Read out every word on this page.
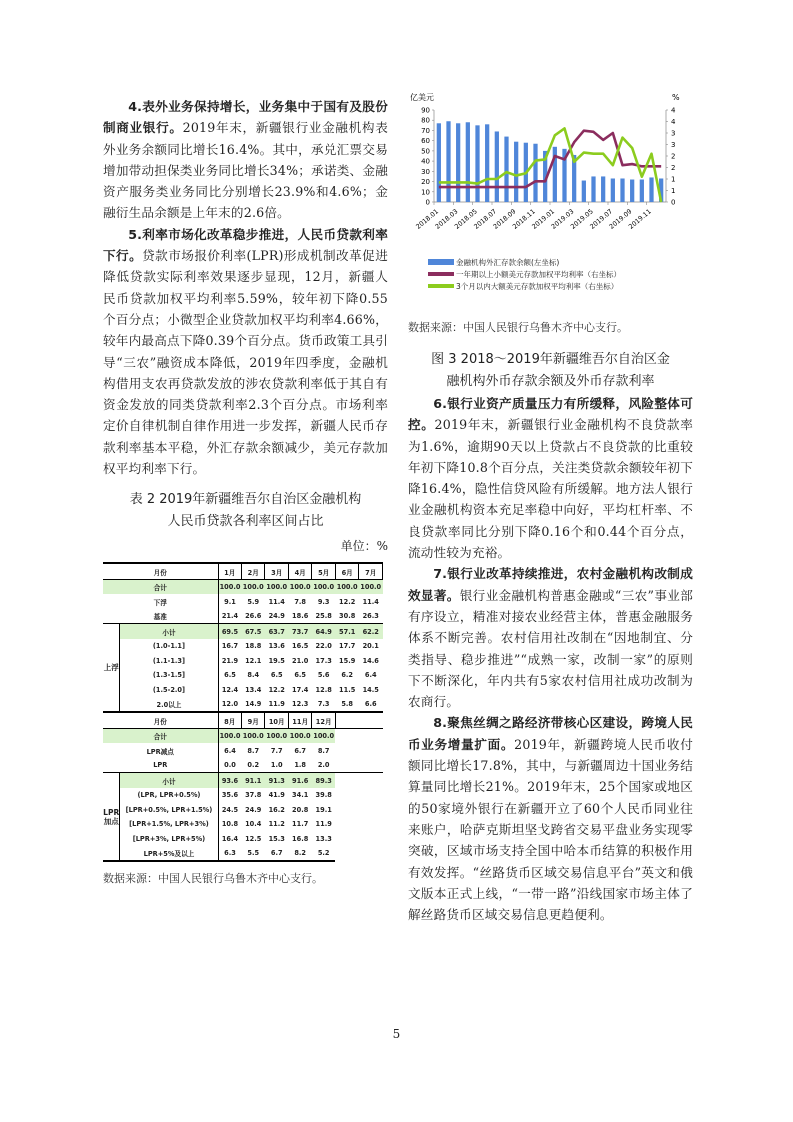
4.表外业务保持增长，业务集中于国有及股份制商业银行。2019年末，新疆银行业金融机构表外业务余额同比增长16.4%。其中，承兑汇票交易增加带动担保类业务同比增长34%；承诺类、金融资产服务类业务同比分别增长23.9%和4.6%；金融衍生品余额是上年末的2.6倍。

5.利率市场化改革稳步推进，人民币贷款利率下行。贷款市场报价利率(LPR)形成机制改革促进降低贷款实际利率效果逐步显现，12月，新疆人民币贷款加权平均利率5.59%，较年初下降0.55个百分点；小微型企业贷款加权平均利率4.66%，较年内最高点下降0.39个百分点。货币政策工具引导“三农”融资成本降低，2019年四季度，金融机构借用支农再贷款发放的涉农贷款利率低于其自有资金发放的同类贷款利率2.3个百分点。市场利率定价自律机制自律作用进一步发挥，新疆人民币存款利率基本平稳，外汇存款余额减少，美元存款加权平均利率下行。

表 2 2019年新疆维吾尔自治区金融机构

人民币贷款各利率区间占比

单位：%
月份		1月	2月	3月	4月	5月	6月	7月
合计		100.0	100.0	100.0	100.0	100.0	100.0	100.0
下浮		9.1	5.9	11.4	7.8	9.3	12.2	11.4
基准		21.4	26.6	24.9	18.6	25.8	30.8	26.3
上浮	小计	69.5	67.5	63.7	73.7	64.9	57.1	62.2
	(1.0-1.1]	16.7	18.8	13.6	16.5	22.0	17.7	20.1
	(1.1-1.3]	21.9	12.1	19.5	21.0	17.3	15.9	14.6
	(1.3-1.5]	6.5	8.4	6.5	6.5	5.6	6.2	6.4
	(1.5-2.0]	12.4	13.4	12.2	17.4	12.8	11.5	14.5
	2.0以上	12.0	14.9	11.9	12.3	7.3	5.8	6.6
月份		8月	9月	10月	11月	12月		
合计		100.0	100.0	100.0	100.0	100.0		
LPR减点		6.4	8.7	7.7	6.7	8.7		
LPR		0.0	0.2	1.0	1.8	2.0		
LPR加点	小计	93.6	91.1	91.3	91.6	89.3		
	(LPR, LPR+0.5%)	35.6	37.8	41.9	34.1	39.8		
	[LPR+0.5%, LPR+1.5%)	24.5	24.9	16.2	20.8	19.1		
	[LPR+1.5%, LPR+3%)	10.8	10.4	11.2	11.7	11.9		
	[LPR+3%, LPR+5%)	16.4	12.5	15.3	16.8	13.3		
	LPR+5%及以上	6.3	5.5	6.7	8.2	5.2		
数据来源：中国人民银行乌鲁木齐中心支行。
亿美元	%
0
10
20
30
40
50
60
70
80
90
0
1
1
2
2
3
3
4
4
2018.01
2018.03
2018.05
2018.07
2018.09
2018.11
2019.01
2019.03
2019.05
2019.07
2019.09
2019.11
金融机构外汇存款余额(左坐标)
一年期以上小额美元存款加权平均利率（右坐标）
3个月以内大额美元存款加权平均利率（右坐标）
数据来源：中国人民银行乌鲁木齐中心支行。

图 3 2018～2019年新疆维吾尔自治区金

融机构外币存款余额及外币存款利率

6.银行业资产质量压力有所缓释，风险整体可控。2019年末，新疆银行业金融机构不良贷款率为1.6%，逾期90天以上贷款占不良贷款的比重较年初下降10.8个百分点，关注类贷款余额较年初下降16.4%，隐性信贷风险有所缓解。地方法人银行业金融机构资本充足率稳中向好，平均杠杆率、不良贷款率同比分别下降0.16个和0.44个百分点，流动性较为充裕。

7.银行业改革持续推进，农村金融机构改制成效显著。银行业金融机构普惠金融或“三农”事业部有序设立，精准对接农业经营主体，普惠金融服务体系不断完善。农村信用社改制在“因地制宜、分类指导、稳步推进”“成熟一家，改制一家”的原则下不断深化，年内共有5家农村信用社成功改制为农商行。

8.聚焦丝绸之路经济带核心区建设，跨境人民币业务增量扩面。2019年，新疆跨境人民币收付额同比增长17.8%，其中，与新疆周边十国业务结算量同比增长21%。2019年末，25个国家或地区的50家境外银行在新疆开立了60个人民币同业往来账户，哈萨克斯坦坚戈跨省交易平盘业务实现零突破，区域市场支持全国中哈本币结算的积极作用有效发挥。“丝路货币区域交易信息平台”英文和俄文版本正式上线，“一带一路”沿线国家市场主体了解丝路货币区域交易信息更趋便利。

5
